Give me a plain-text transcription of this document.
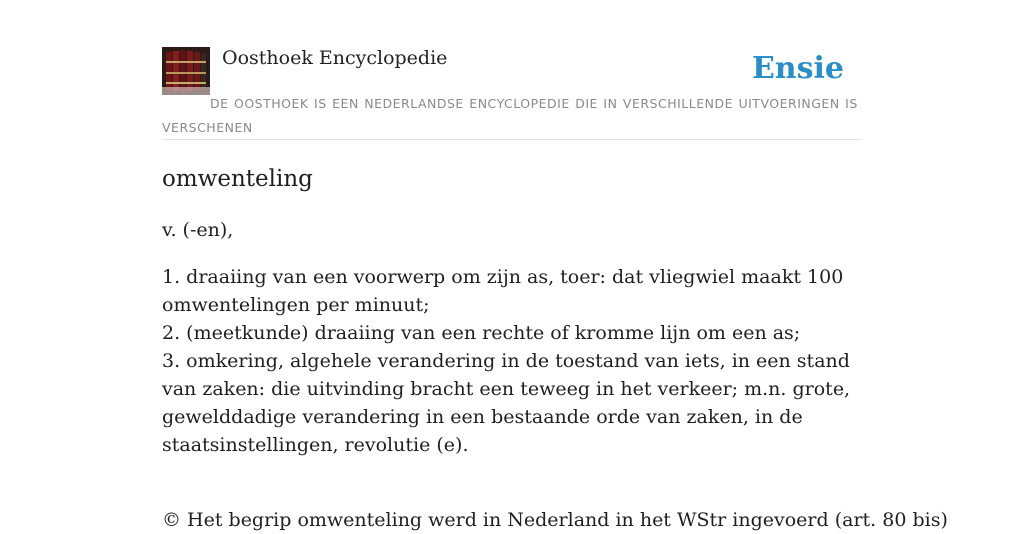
Oosthoek Encyclopedie	Ensie
DE OOSTHOEK IS EEN NEDERLANDSE ENCYCLOPEDIE DIE IN VERSCHILLENDE UITVOERINGEN IS VERSCHENEN
omwenteling

v. (-en),

1. draaiing van een voorwerp om zijn as, toer: dat vliegwiel maakt 100 omwentelingen per minuut;
2. (meetkunde) draaiing van een rechte of kromme lijn om een as;
3. omkering, algehele verandering in de toestand van iets, in een stand van zaken: die uitvinding bracht een teweeg in het verkeer; m.n. grote, gewelddadige verandering in een bestaande orde van zaken, in de staatsinstellingen, revolutie (e).

© Het begrip omwenteling werd in Nederland in het WStr ingevoerd (art. 80 bis)
